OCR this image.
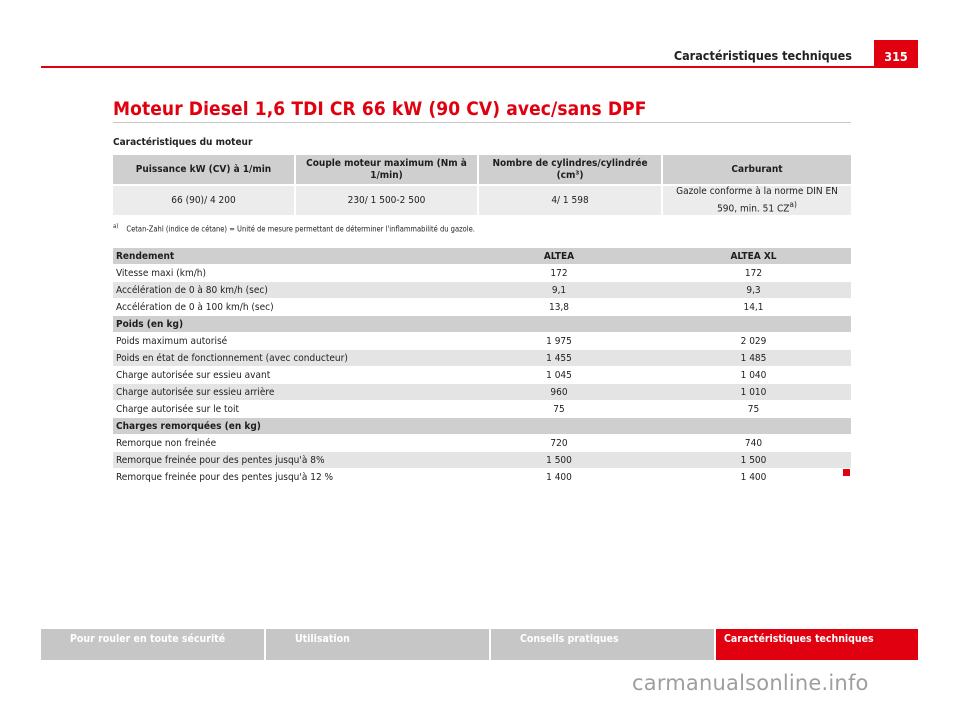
Caractéristiques techniques	315
Moteur Diesel 1,6 TDI CR 66 kW (90 CV) avec/sans DPF
Caractéristiques du moteur
Puissance kW (CV) à 1/min	Couple moteur maximum (Nm à 1/min)	Nombre de cylindres/cylindrée (cm³)	Carburant
66 (90)/ 4 200	230/ 1 500-2 500	4/ 1 598	Gazole conforme à la norme DIN EN 590, min. 51 CZ$^{a)}$
$^{a)}$ Cetan-Zahl (indice de cétane) = Unité de mesure permettant de déterminer l'inflammabilité du gazole.
Rendement	ALTEA	ALTEA XL
Vitesse maxi (km/h)	172	172
Accélération de 0 à 80 km/h (sec)	9,1	9,3
Accélération de 0 à 100 km/h (sec)	13,8	14,1
Poids (en kg)		
Poids maximum autorisé	1 975	2 029
Poids en état de fonctionnement (avec conducteur)	1 455	1 485
Charge autorisée sur essieu avant	1 045	1 040
Charge autorisée sur essieu arrière	960	1 010
Charge autorisée sur le toit	75	75
Charges remorquées (en kg)		
Remorque non freinée	720	740
Remorque freinée pour des pentes jusqu'à 8%	1 500	1 500
Remorque freinée pour des pentes jusqu'à 12 %	1 400	1 400
Pour rouler en toute sécurité	Utilisation	Conseils pratiques	Caractéristiques techniques
carmanualsonline.info
